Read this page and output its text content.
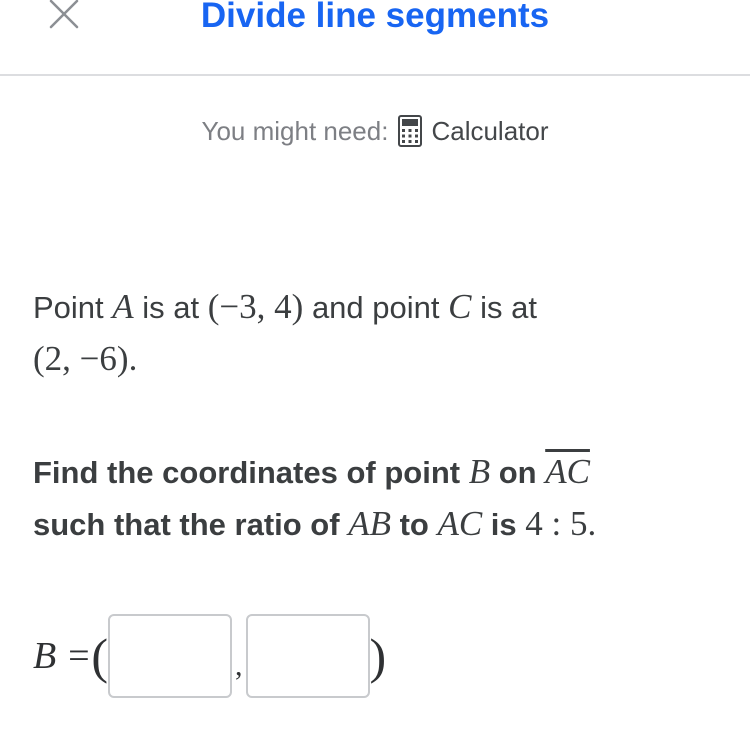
Divide line segments
You might need: Calculator
Point A is at (−3, 4) and point C is at
(2, −6).
Find the coordinates of point B on $\overline{AC}$
such that the ratio of AB to AC is 4 : 5.
B = (	,	)
